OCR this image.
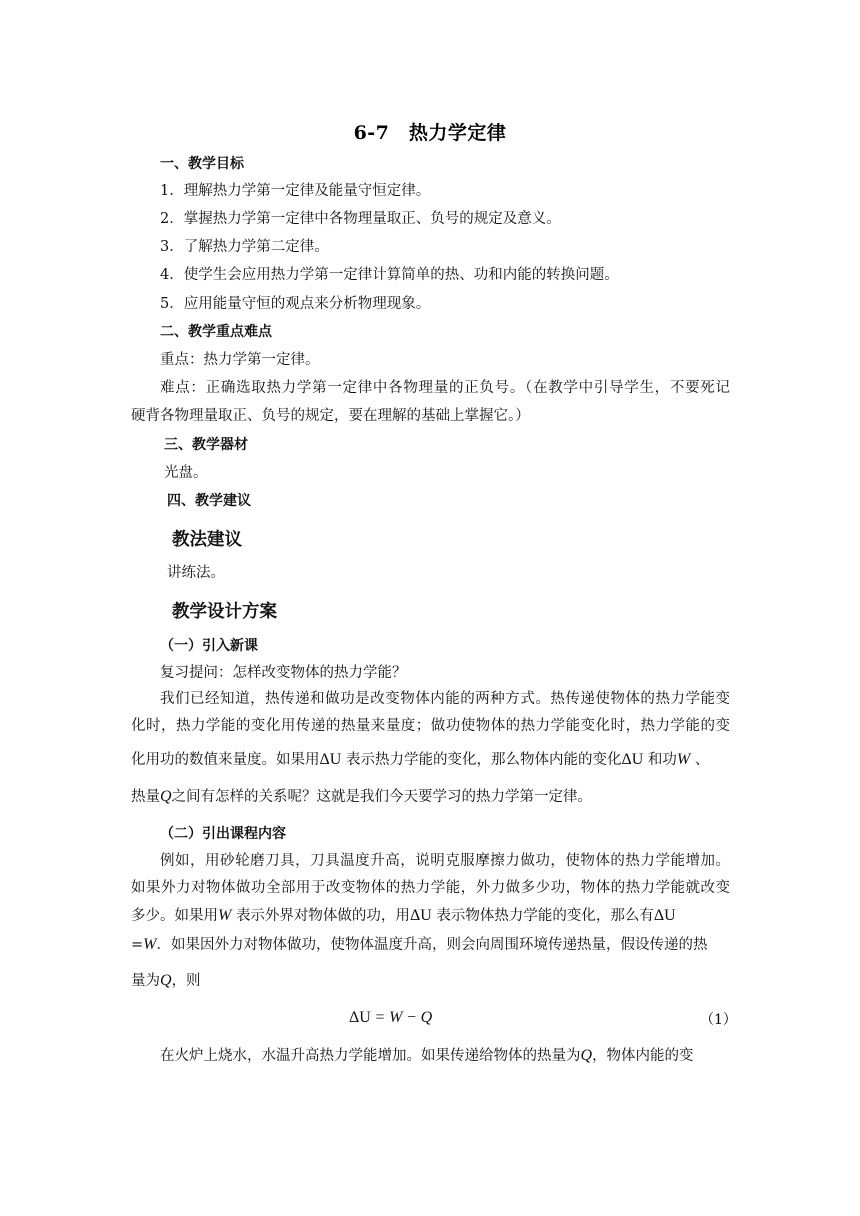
6-7　热力学定律
一、教学目标
1．理解热力学第一定律及能量守恒定律。
2．掌握热力学第一定律中各物理量取正、负号的规定及意义。
3．了解热力学第二定律。
4．使学生会应用热力学第一定律计算简单的热、功和内能的转换问题。
5．应用能量守恒的观点来分析物理现象。
二、教学重点难点
重点：热力学第一定律。
难点：正确选取热力学第一定律中各物理量的正负号。（在教学中引导学生，不要死记
硬背各物理量取正、负号的规定，要在理解的基础上掌握它。）
三、教学器材
光盘。
四、教学建议
教法建议
讲练法。
教学设计方案
（一）引入新课
复习提问：怎样改变物体的热力学能？
我们已经知道，热传递和做功是改变物体内能的两种方式。热传递使物体的热力学能变
化时，热力学能的变化用传递的热量来量度；做功使物体的热力学能变化时，热力学能的变
化用功的数值来量度。如果用ΔU 表示热力学能的变化，那么物体内能的变化ΔU 和功W 、
热量Q之间有怎样的关系呢？这就是我们今天要学习的热力学第一定律。
（二）引出课程内容
例如，用砂轮磨刀具，刀具温度升高，说明克服摩擦力做功，使物体的热力学能增加。
如果外力对物体做功全部用于改变物体的热力学能，外力做多少功，物体的热力学能就改变
多少。如果用W 表示外界对物体做的功，用ΔU 表示物体热力学能的变化，那么有ΔU
=W．如果因外力对物体做功，使物体温度升高，则会向周围环境传递热量，假设传递的热
量为Q，则
ΔU = W − Q	（1）
在火炉上烧水，水温升高热力学能增加。如果传递给物体的热量为Q，物体内能的变
